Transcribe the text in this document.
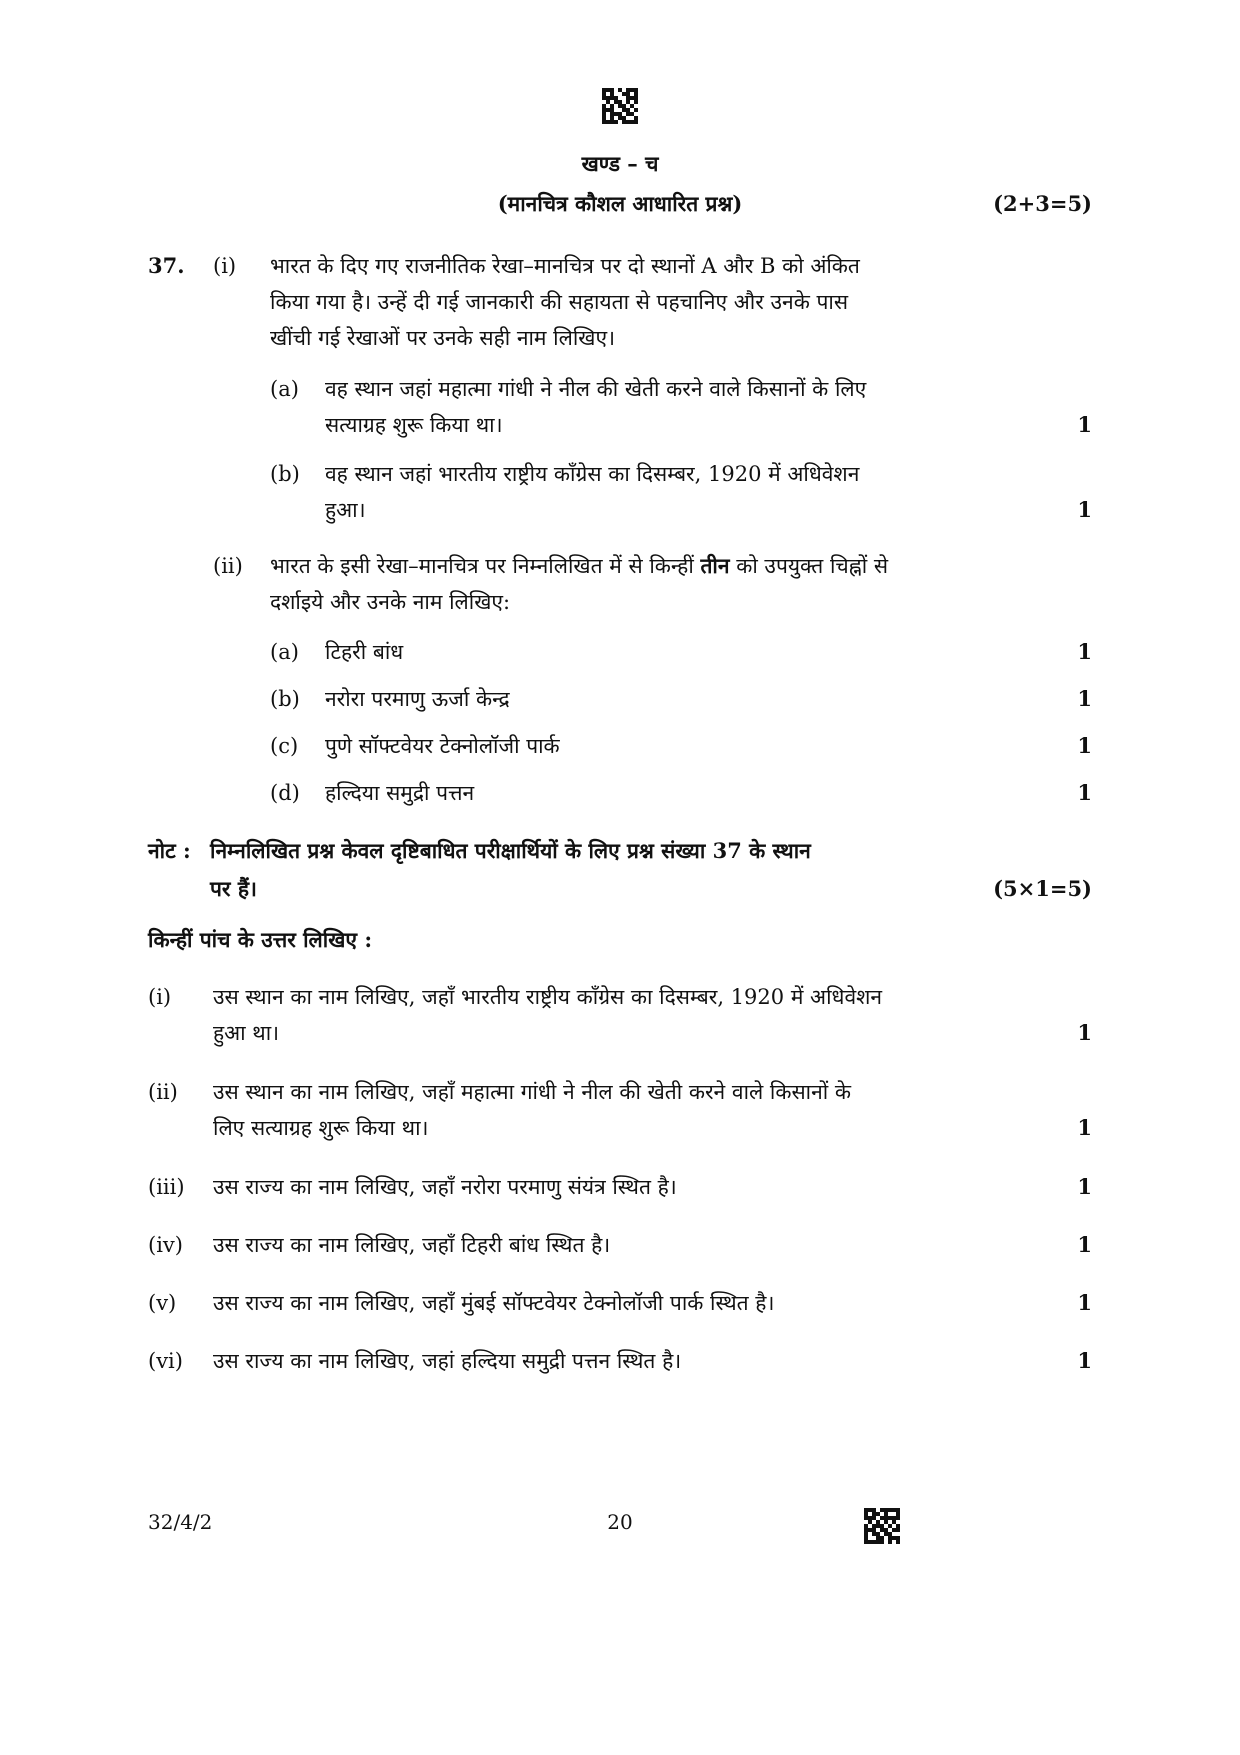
खण्ड – च
(मानचित्र कौशल आधारित प्रश्न)	(2+3=5)
37. (i) भारत के दिए गए राजनीतिक रेखा–मानचित्र पर दो स्थानों A और B को अंकित
किया गया है। उन्हें दी गई जानकारी की सहायता से पहचानिए और उनके पास
खींची गई रेखाओं पर उनके सही नाम लिखिए।
(a) वह स्थान जहां महात्मा गांधी ने नील की खेती करने वाले किसानों के लिए
सत्याग्रह शुरू किया था।	1
(b) वह स्थान जहां भारतीय राष्ट्रीय काँग्रेस का दिसम्बर, 1920 में अधिवेशन
हुआ।	1
(ii) भारत के इसी रेखा–मानचित्र पर निम्नलिखित में से किन्हीं तीन को उपयुक्त चिह्नों से
दर्शाइये और उनके नाम लिखिए:
(a) टिहरी बांध	1
(b) नरोरा परमाणु ऊर्जा केन्द्र	1
(c) पुणे सॉफ्टवेयर टेक्नोलॉजी पार्क	1
(d) हल्दिया समुद्री पत्तन	1
नोट : निम्नलिखित प्रश्न केवल दृष्टिबाधित परीक्षार्थियों के लिए प्रश्न संख्या 37 के स्थान
पर हैं।	(5×1=5)
किन्हीं पांच के उत्तर लिखिए :
(i) उस स्थान का नाम लिखिए, जहाँ भारतीय राष्ट्रीय काँग्रेस का दिसम्बर, 1920 में अधिवेशन
हुआ था।	1
(ii) उस स्थान का नाम लिखिए, जहाँ महात्मा गांधी ने नील की खेती करने वाले किसानों के
लिए सत्याग्रह शुरू किया था।	1
(iii) उस राज्य का नाम लिखिए, जहाँ नरोरा परमाणु संयंत्र स्थित है।	1
(iv) उस राज्य का नाम लिखिए, जहाँ टिहरी बांध स्थित है।	1
(v) उस राज्य का नाम लिखिए, जहाँ मुंबई सॉफ्टवेयर टेक्नोलॉजी पार्क स्थित है।	1
(vi) उस राज्य का नाम लिखिए, जहां हल्दिया समुद्री पत्तन स्थित है।	1
32/4/2	20
